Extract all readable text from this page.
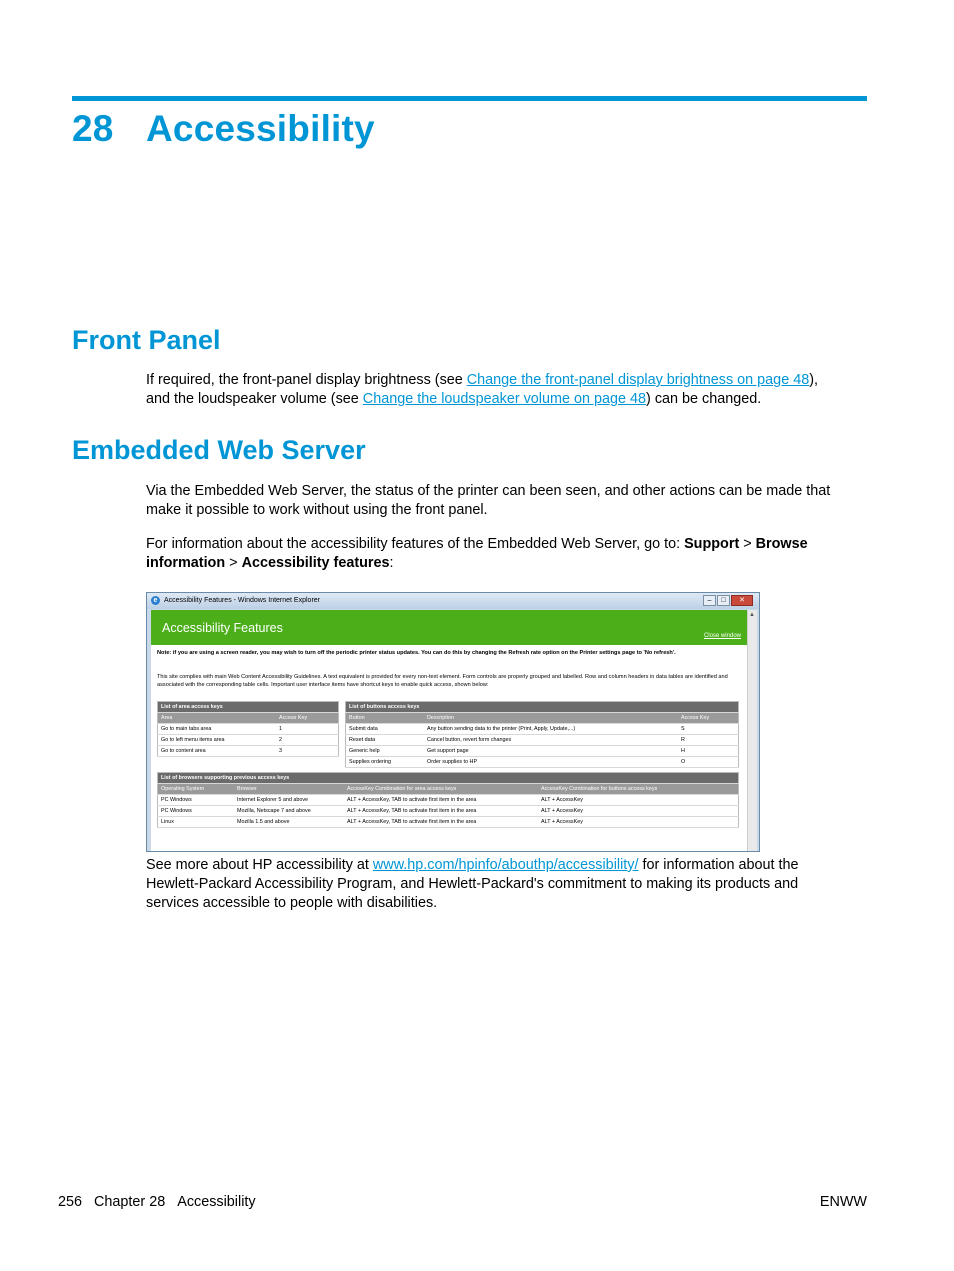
28 Accessibility
Front Panel

If required, the front-panel display brightness (see Change the front-panel display brightness on page 48),
and the loudspeaker volume (see Change the loudspeaker volume on page 48) can be changed.

Embedded Web Server

Via the Embedded Web Server, the status of the printer can been seen, and other actions can be made that
make it possible to work without using the front panel.

For information about the accessibility features of the Embedded Web Server, go to: Support > Browse
information > Accessibility features:

e Accessibility Features - Windows Internet Explorer	–	□	✕
▲
Accessibility Features
Close window
Note: if you are using a screen reader, you may wish to turn off the periodic printer status updates. You can do this by changing the Refresh rate option on the Printer settings page to 'No refresh'.
This site complies with main Web Content Accessibility Guidelines. A text equivalent is provided for every non-text element. Form controls are properly grouped and labelled. Row and column headers in data tables are identified and associated with the corresponding table cells. Important user interface items have shortcut keys to enable quick access, shown below:
List of area access keys	
Area	Access Key
Go to main tabs area	1
Go to left menu items area	2
Go to content area	3
List of buttons access keys		
Button	Description	Access Key
Submit data	Any button sending data to the printer (Print, Apply, Update,...)	S
Reset data	Cancel button, revert form changes	R
Generic help	Get support page	H
Supplies ordering	Order supplies to HP	O
List of browsers supporting previous access keys			
Operating System	Browser	AccessKey Combination for area access keys	AccessKey Combination for buttons access keys
PC Windows	Internet Explorer 5 and above	ALT + AccessKey, TAB to activate first item in the area	ALT + AccessKey
PC Windows	Mozilla, Netscape 7 and above	ALT + AccessKey, TAB to activate first item in the area	ALT + AccessKey
Linux	Mozilla 1.5 and above	ALT + AccessKey, TAB to activate first item in the area	ALT + AccessKey

See more about HP accessibility at www.hp.com/hpinfo/abouthp/accessibility/ for information about the
Hewlett-Packard Accessibility Program, and Hewlett-Packard's commitment to making its products and
services accessible to people with disabilities.

256 Chapter 28 Accessibility	ENWW
